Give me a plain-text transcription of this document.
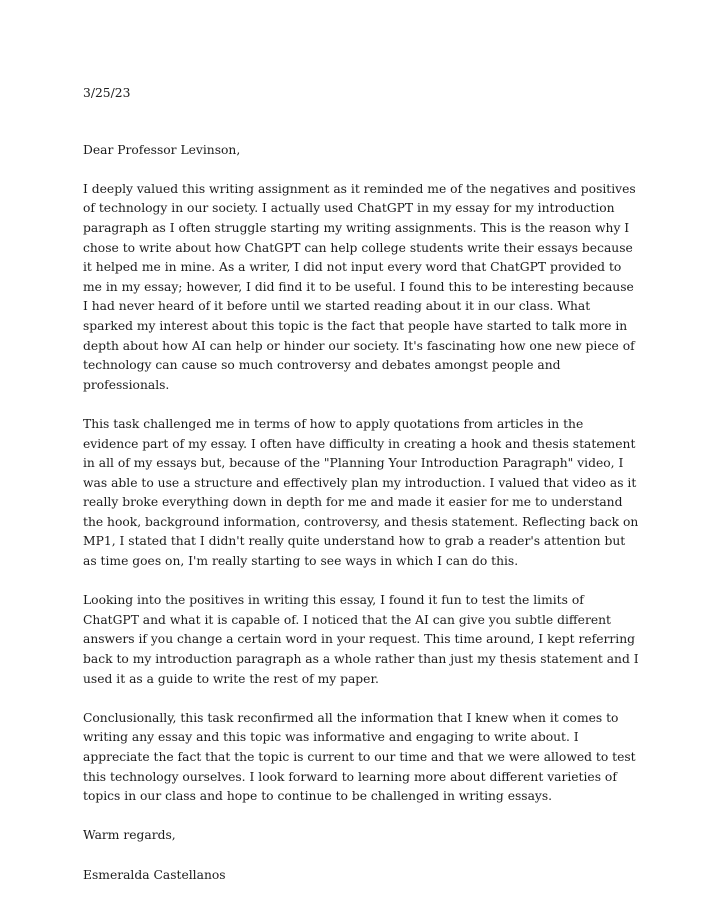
3/25/23

Dear Professor Levinson,

I deeply valued this writing assignment as it reminded me of the negatives and positives of technology in our society. I actually used ChatGPT in my essay for my introduction paragraph as I often struggle starting my writing assignments. This is the reason why I chose to write about how ChatGPT can help college students write their essays because it helped me in mine. As a writer, I did not input every word that ChatGPT provided to me in my essay; however, I did find it to be useful. I found this to be interesting because I had never heard of it before until we started reading about it in our class. What sparked my interest about this topic is the fact that people have started to talk more in depth about how AI can help or hinder our society. It's fascinating how one new piece of technology can cause so much controversy and debates amongst people and professionals.

This task challenged me in terms of how to apply quotations from articles in the evidence part of my essay. I often have difficulty in creating a hook and thesis statement in all of my essays but, because of the "Planning Your Introduction Paragraph" video, I was able to use a structure and effectively plan my introduction. I valued that video as it really broke everything down in depth for me and made it easier for me to understand the hook, background information, controversy, and thesis statement. Reflecting back on MP1, I stated that I didn't really quite understand how to grab a reader's attention but as time goes on, I'm really starting to see ways in which I can do this.

Looking into the positives in writing this essay, I found it fun to test the limits of ChatGPT and what it is capable of. I noticed that the AI can give you subtle different answers if you change a certain word in your request. This time around, I kept referring back to my introduction paragraph as a whole rather than just my thesis statement and I used it as a guide to write the rest of my paper.

Conclusionally, this task reconfirmed all the information that I knew when it comes to writing any essay and this topic was informative and engaging to write about. I appreciate the fact that the topic is current to our time and that we were allowed to test this technology ourselves. I look forward to learning more about different varieties of topics in our class and hope to continue to be challenged in writing essays.

Warm regards,

Esmeralda Castellanos
